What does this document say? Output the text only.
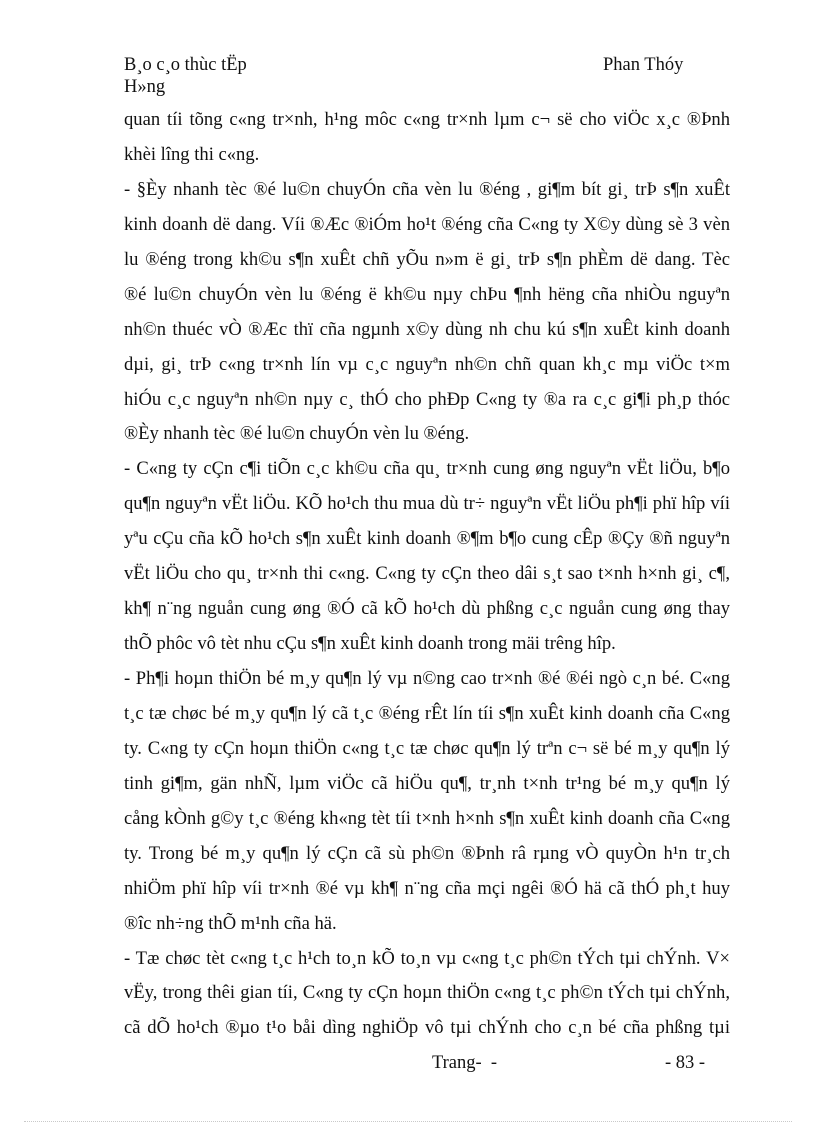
B¸o c¸o thùc tËp	Phan Thóy
H»ng
quan tíi tõng c«ng tr×nh, h¹ng môc c«ng tr×nh lµm c¬ së cho viÖc x¸c ®Þnh
khèi lîng thi c«ng.
- §Èy nhanh tèc ®é lu©n chuyÓn cña vèn lu ®éng , gi¶m bít gi¸ trÞ s¶n xuÊt
kinh doanh dë dang. Víi ®Æc ®iÓm ho¹t ®éng cña C«ng ty X©y dùng sè 3 vèn
lu ®éng trong kh©u s¶n xuÊt chñ yÕu n»m ë gi¸ trÞ s¶n phÈm dë dang. Tèc
®é lu©n chuyÓn vèn lu ®éng ë kh©u nµy chÞu ¶nh hëng cña nhiÒu nguyªn
nh©n thuéc vÒ ®Æc thï cña ngµnh x©y dùng nh chu kú s¶n xuÊt kinh doanh
dµi, gi¸ trÞ c«ng tr×nh lín vµ c¸c nguyªn nh©n chñ quan kh¸c mµ viÖc t×m
hiÓu c¸c nguyªn nh©n nµy c¸ thÓ cho phÐp C«ng ty ®a ra c¸c gi¶i ph¸p thóc
®Èy nhanh tèc ®é lu©n chuyÓn vèn lu ®éng.
- C«ng ty cÇn c¶i tiÕn c¸c kh©u cña qu¸ tr×nh cung øng nguyªn vËt liÖu, b¶o
qu¶n nguyªn vËt liÖu. KÕ ho¹ch thu mua dù tr÷ nguyªn vËt liÖu ph¶i phï hîp víi
yªu cÇu cña kÕ ho¹ch s¶n xuÊt kinh doanh ®¶m b¶o cung cÊp ®Çy ®ñ nguyªn
vËt liÖu cho qu¸ tr×nh thi c«ng. C«ng ty cÇn theo dâi s¸t sao t×nh h×nh gi¸ c¶,
kh¶ n¨ng nguån cung øng ®Ó cã kÕ ho¹ch dù phßng c¸c nguån cung øng thay
thÕ phôc vô tèt nhu cÇu s¶n xuÊt kinh doanh trong mäi trêng hîp.
- Ph¶i hoµn thiÖn bé m¸y qu¶n lý vµ n©ng cao tr×nh ®é ®éi ngò c¸n bé. C«ng
t¸c tæ chøc bé m¸y qu¶n lý cã t¸c ®éng rÊt lín tíi s¶n xuÊt kinh doanh cña C«ng
ty. C«ng ty cÇn hoµn thiÖn c«ng t¸c tæ chøc qu¶n lý trªn c¬ së bé m¸y qu¶n lý
tinh gi¶m, gän nhÑ, lµm viÖc cã hiÖu qu¶, tr¸nh t×nh tr¹ng bé m¸y qu¶n lý
cång kÒnh g©y t¸c ®éng kh«ng tèt tíi t×nh h×nh s¶n xuÊt kinh doanh cña C«ng
ty. Trong bé m¸y qu¶n lý cÇn cã sù ph©n ®Þnh râ rµng vÒ quyÒn h¹n tr¸ch
nhiÖm phï hîp víi tr×nh ®é vµ kh¶ n¨ng cña mçi ngêi ®Ó hä cã thÓ ph¸t huy
®îc nh÷ng thÕ m¹nh cña hä.
- Tæ chøc tèt c«ng t¸c h¹ch to¸n kÕ to¸n vµ c«ng t¸c ph©n tÝch tµi chÝnh. V×
vËy, trong thêi gian tíi, C«ng ty cÇn hoµn thiÖn c«ng t¸c ph©n tÝch tµi chÝnh,
cã dÕ ho¹ch ®µo t¹o båi dìng nghiÖp vô tµi chÝnh cho c¸n bé cña phßng tµi
Trang-  -	- 83 -
